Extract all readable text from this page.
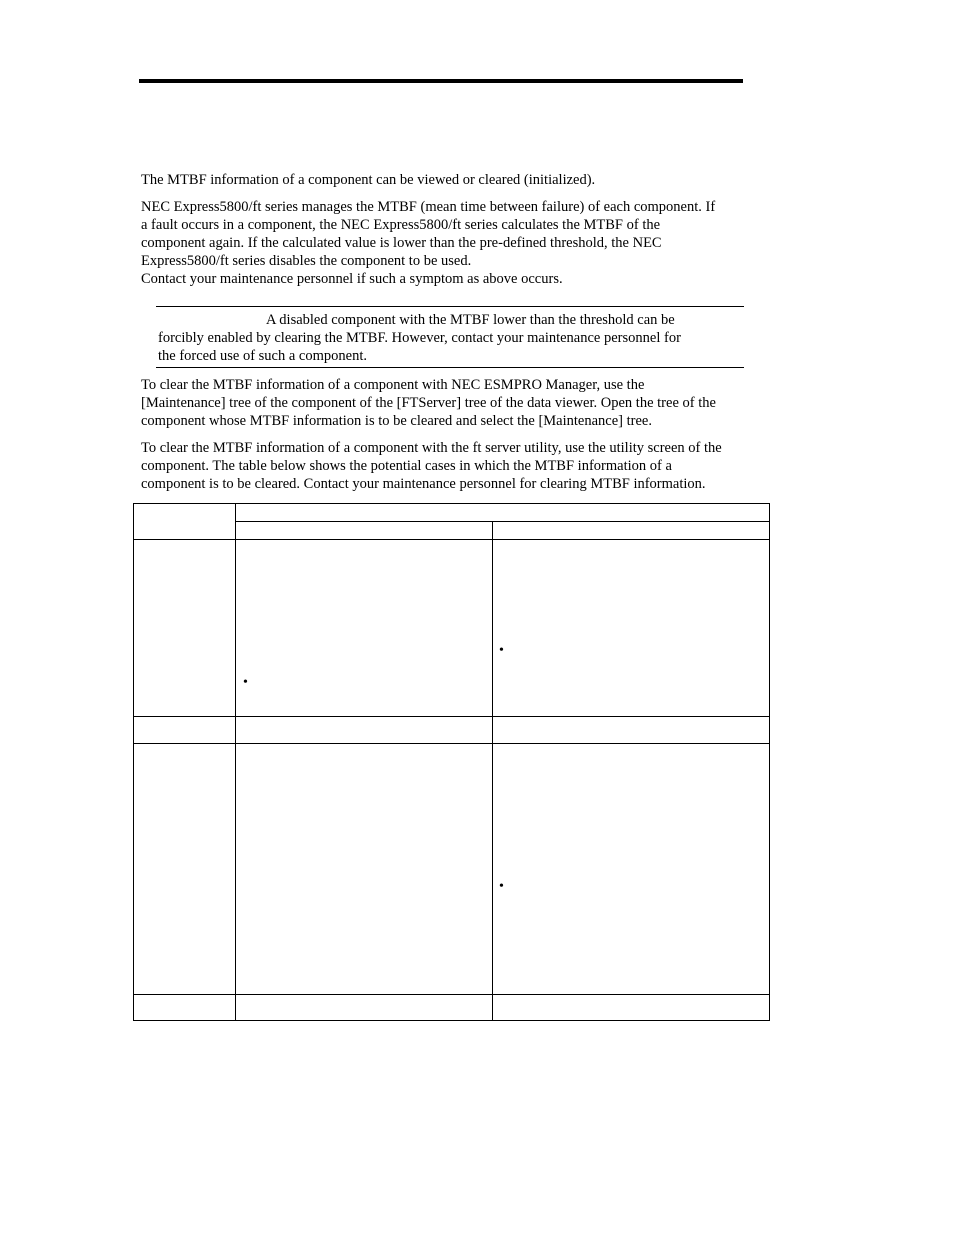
The MTBF information of a component can be viewed or cleared (initialized).

NEC Express5800/ft series manages the MTBF (mean time between failure) of each component. If

a fault occurs in a component, the NEC Express5800/ft series calculates the MTBF of the

component again. If the calculated value is lower than the pre-defined threshold, the NEC

Express5800/ft series disables the component to be used.

Contact your maintenance personnel if such a symptom as above occurs.

A disabled component with the MTBF lower than the threshold can be

forcibly enabled by clearing the MTBF. However, contact your maintenance personnel for

the forced use of such a component.

To clear the MTBF information of a component with NEC ESMPRO Manager, use the

[Maintenance] tree of the component of the [FTServer] tree of the data viewer. Open the tree of the

component whose MTBF information is to be cleared and select the [Maintenance] tree.

To clear the MTBF information of a component with the ft server utility, use the utility screen of the

component. The table below shows the potential cases in which the MTBF information of a

component is to be cleared. Contact your maintenance personnel for clearing MTBF information.

•
•
•
